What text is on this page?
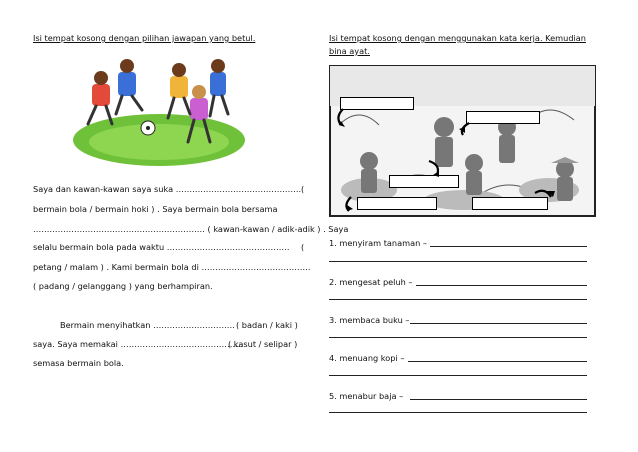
Isi tempat kosong dengan pilihan jawapan yang betul.
Saya dan kawan-kawan saya suka ………………………………………. (
bermain bola / bermain hoki ) . Saya bermain bola bersama
……………………………………………………… ( kawan-kawan / adik-adik ) . Saya
selalu bermain bola pada waktu ……………………………………… (
petang / malam ) . Kami bermain bola di ………………………………….
( padang / gelanggang ) yang berhampiran.
Bermain menyihatkan ………………………… ( badan / kaki )
saya. Saya memakai ………………………………………
( kasut / selipar )
semasa bermain bola.
Isi tempat kosong dengan menggunakan kata kerja. Kemudian
bina ayat.
1. menyiram tanaman –
2. mengesat peluh –
3. membaca buku –
4. menuang kopi –
5. menabur baja –
